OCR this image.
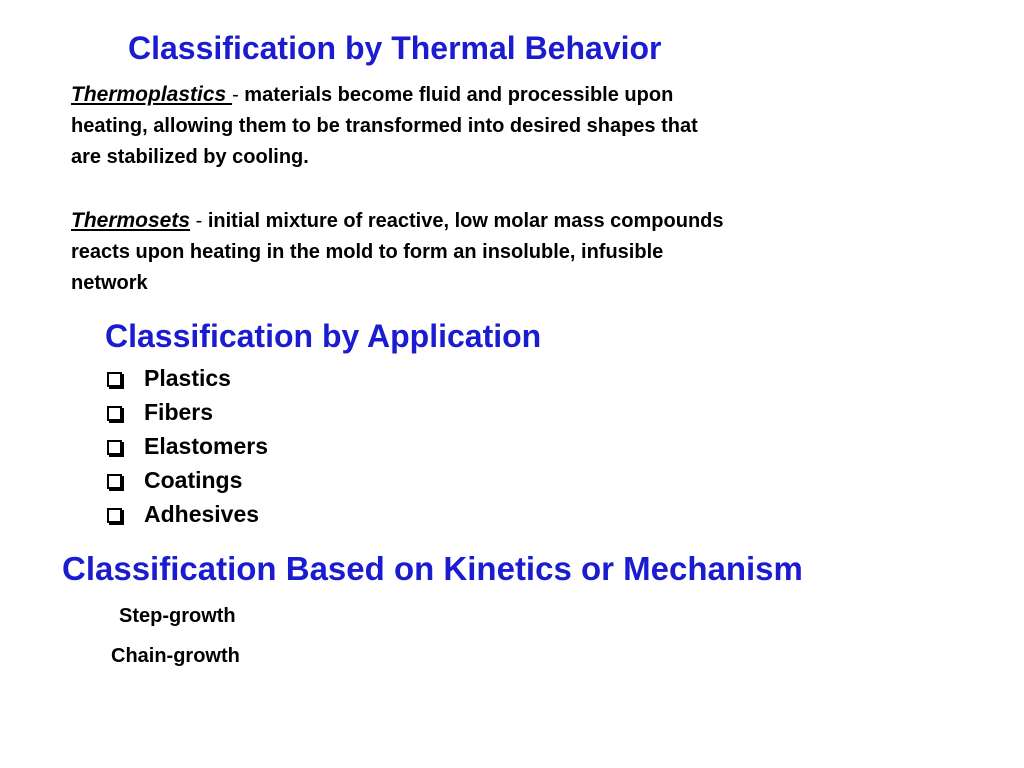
Classification by Thermal Behavior

Thermoplastics - materials become fluid and processible upon
heating, allowing them to be transformed into desired shapes that
are stabilized by cooling.

Thermosets - initial mixture of reactive, low molar mass compounds
reacts upon heating in the mold to form an insoluble, infusible
network

Classification by Application
Plastics
Fibers
Elastomers
Coatings
Adhesives
Classification Based on Kinetics or Mechanism

Step-growth

Chain-growth
